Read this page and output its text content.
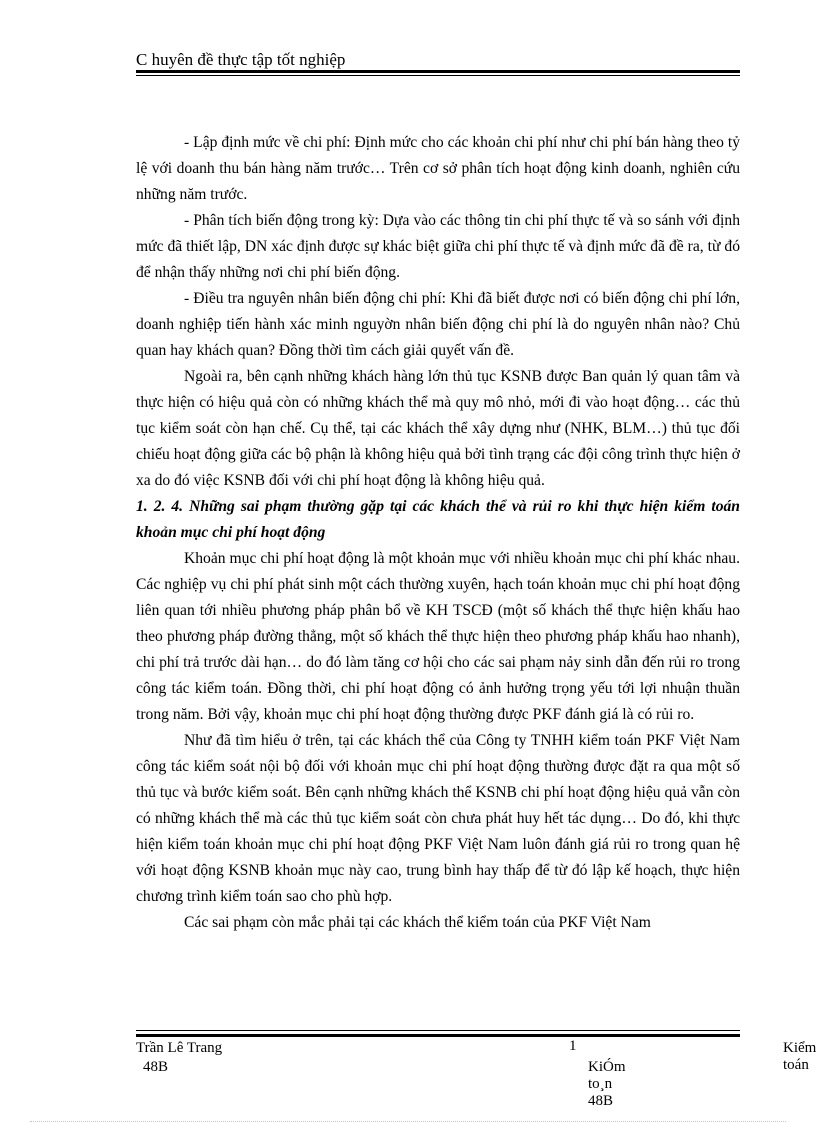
C huyên đề thực tập tốt nghiệp

- Lập định mức về chi phí: Định mức cho các khoản chi phí như chi phí bán hàng theo tỷ lệ với doanh thu bán hàng năm trước… Trên cơ sở phân tích hoạt động kinh doanh, nghiên cứu những năm trước.

- Phân tích biến động trong kỳ: Dựa vào các thông tin chi phí thực tế và so sánh với định mức đã thiết lập, DN xác định được sự khác biệt giữa chi phí thực tế và định mức đã đề ra, từ đó để nhận thấy những nơi chi phí biến động.

- Điều tra nguyên nhân biến động chi phí: Khi đã biết được nơi có biến động chi phí lớn, doanh nghiệp tiến hành xác minh nguyờn nhân biến động chi phí là do nguyên nhân nào? Chủ quan hay khách quan? Đồng thời tìm cách giải quyết vấn đề.

Ngoài ra, bên cạnh những khách hàng lớn thủ tục KSNB được Ban quản lý quan tâm và thực hiện có hiệu quả còn có những khách thể mà quy mô nhỏ, mới đi vào hoạt động… các thủ tục kiểm soát còn hạn chế. Cụ thể, tại các khách thể xây dựng như (NHK, BLM…) thủ tục đối chiếu hoạt động giữa các bộ phận là không hiệu quả bởi tình trạng các đội công trình thực hiện ở xa do đó việc KSNB đối với chi phí hoạt động là không hiệu quả.

1. 2. 4. Những sai phạm thường gặp tại các khách thể và rủi ro khi thực hiện kiểm toán khoản mục chi phí hoạt động

Khoản mục chi phí hoạt động là một khoản mục với nhiều khoản mục chi phí khác nhau. Các nghiệp vụ chi phí phát sinh một cách thường xuyên, hạch toán khoản mục chi phí hoạt động liên quan tới nhiều phương pháp phân bổ về KH TSCĐ (một số khách thể thực hiện khấu hao theo phương pháp đường thẳng, một số khách thể thực hiện theo phương pháp khấu hao nhanh), chi phí trả trước dài hạn… do đó làm tăng cơ hội cho các sai phạm nảy sinh dẫn đến rủi ro trong công tác kiểm toán. Đồng thời, chi phí hoạt động có ảnh hưởng trọng yếu tới lợi nhuận thuần trong năm. Bởi vậy, khoản mục chi phí hoạt động thường được PKF đánh giá là có rủi ro.

Như đã tìm hiểu ở trên, tại các khách thể của Công ty TNHH kiểm toán PKF Việt Nam công tác kiểm soát nội bộ đối với khoản mục chi phí hoạt động thường được đặt ra qua một số thủ tục và bước kiểm soát. Bên cạnh những khách thể KSNB chi phí hoạt động hiệu quả vẫn còn có những khách thể mà các thủ tục kiểm soát còn chưa phát huy hết tác dụng… Do đó, khi thực hiện kiểm toán khoản mục chi phí hoạt động PKF Việt Nam luôn đánh giá rủi ro trong quan hệ với hoạt động KSNB khoản mục này cao, trung bình hay thấp để từ đó lập kế hoạch, thực hiện chương trình kiểm toán sao cho phù hợp.

Các sai phạm còn mắc phải tại các khách thể kiểm toán của PKF Việt Nam

Trần Lê Trang	1	Kiểm toán
48B	KiÓm to¸n 48B
